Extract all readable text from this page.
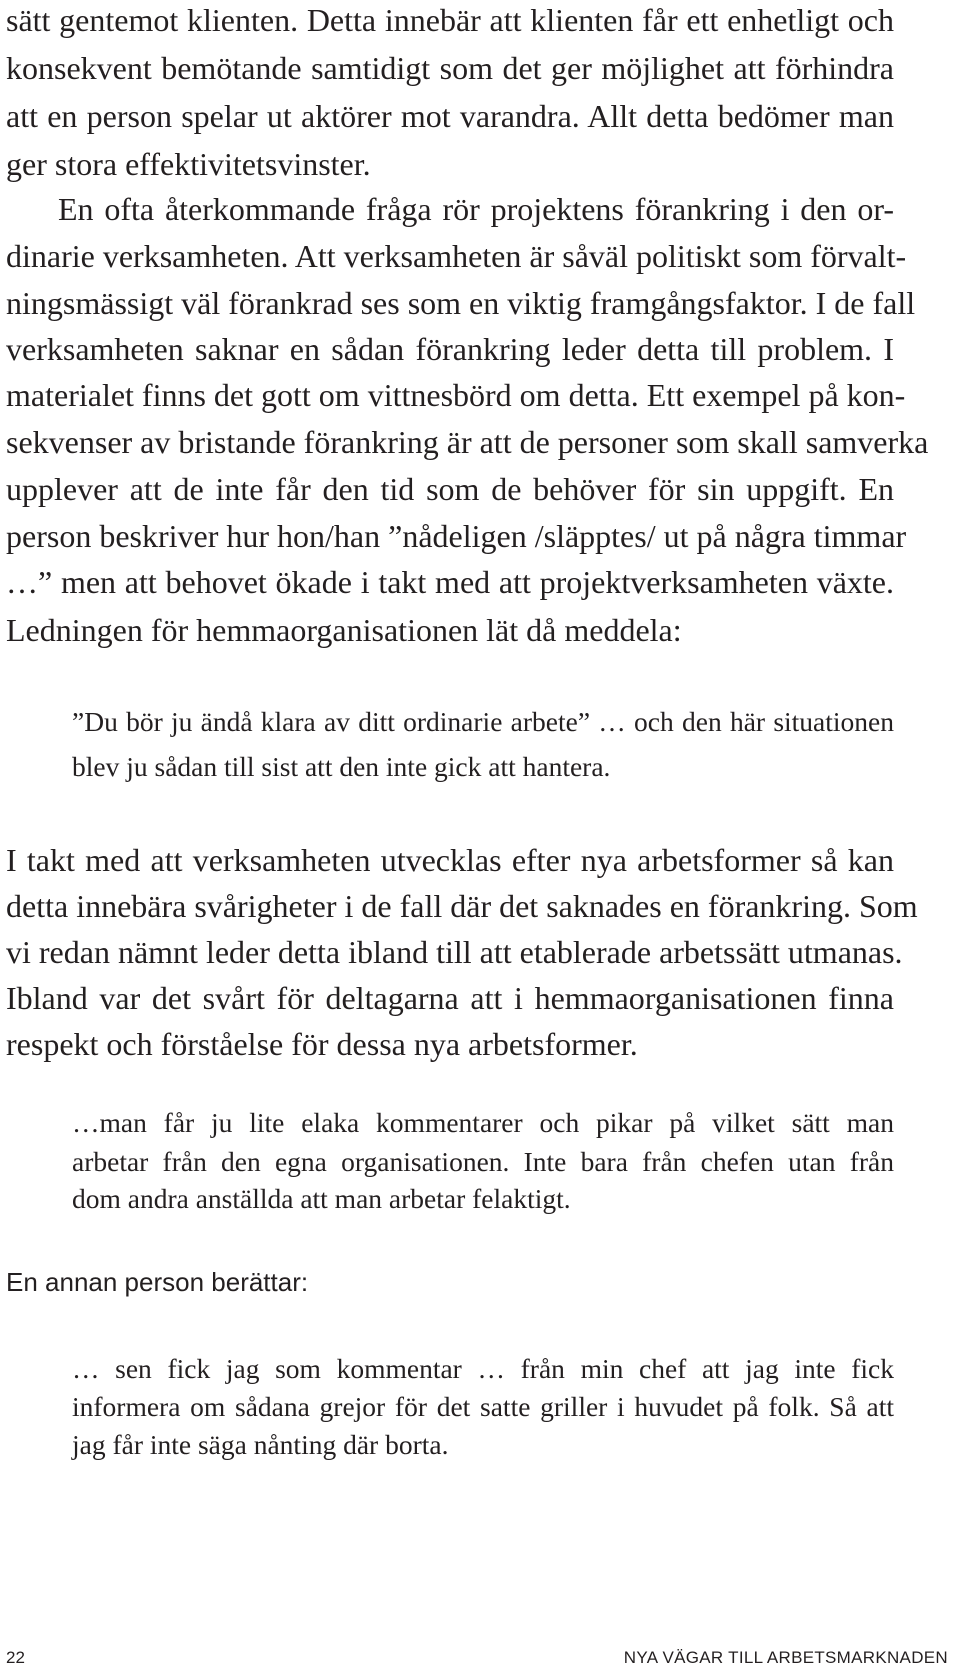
sätt gentemot klienten. Detta innebär att klienten får ett enhetligt och

konsekvent bemötande samtidigt som det ger möjlighet att förhindra

att en person spelar ut aktörer mot varandra. Allt detta bedömer man

ger stora effektivitetsvinster.

En ofta återkommande fråga rör projektens förankring i den or-

dinarie verksamheten. Att verksamheten är såväl politiskt som förvalt-

ningsmässigt väl förankrad ses som en viktig framgångsfaktor. I de fall

verksamheten saknar en sådan förankring leder detta till problem. I

materialet finns det gott om vittnesbörd om detta. Ett exempel på kon-

sekvenser av bristande förankring är att de personer som skall samverka

upplever att de inte får den tid som de behöver för sin uppgift. En

person beskriver hur hon/han ”nådeligen /släpptes/ ut på några timmar

…” men att behovet ökade i takt med att projektverksamheten växte.

Ledningen för hemmaorganisationen lät då meddela:

”Du bör ju ändå klara av ditt ordinarie arbete” … och den här situationen

blev ju sådan till sist att den inte gick att hantera.

I takt med att verksamheten utvecklas efter nya arbetsformer så kan

detta innebära svårigheter i de fall där det saknades en förankring. Som

vi redan nämnt leder detta ibland till att etablerade arbetssätt utmanas.

Ibland var det svårt för deltagarna att i hemmaorganisationen finna

respekt och förståelse för dessa nya arbetsformer.

…man får ju lite elaka kommentarer och pikar på vilket sätt man

arbetar från den egna organisationen. Inte bara från chefen utan från

dom andra anställda att man arbetar felaktigt.

En annan person berättar:

… sen fick jag som kommentar … från min chef att jag inte fick

informera om sådana grejor för det satte griller i huvudet på folk. Så att

jag får inte säga nånting där borta.

22	NYA VÄGAR TILL ARBETSMARKNADEN
